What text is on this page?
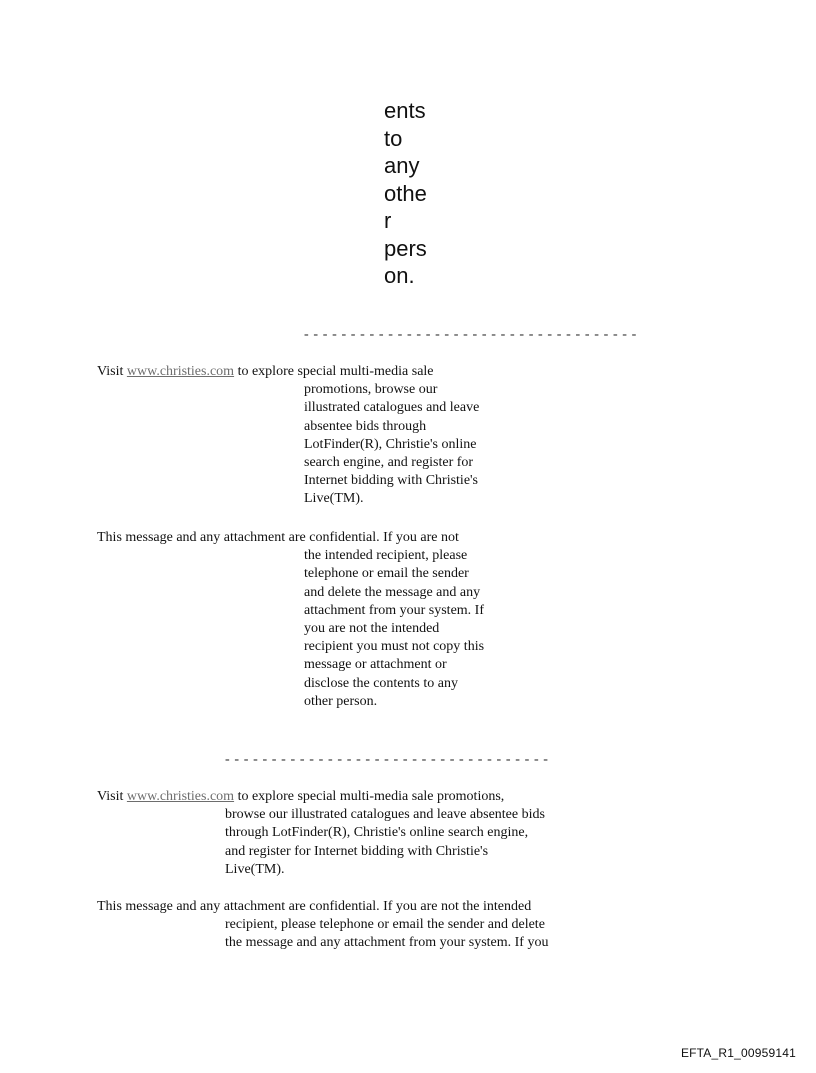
ents
to
any
othe
r
pers
on.
- - - - - - - - - - - - - - - - - - - - - - - - - - - - - - - - - - - -
Visit www.christies.com to explore special multi-media sale
promotions, browse our
illustrated catalogues and leave
absentee bids through
LotFinder(R), Christie's online
search engine, and register for
Internet bidding with Christie's
Live(TM).
This message and any attachment are confidential. If you are not
the intended recipient, please
telephone or email the sender
and delete the message and any
attachment from your system. If
you are not the intended
recipient you must not copy this
message or attachment or
disclose the contents to any
other person.
- - - - - - - - - - - - - - - - - - - - - - - - - - - - - - - - - - -
Visit www.christies.com to explore special multi-media sale promotions,
browse our illustrated catalogues and leave absentee bids
through LotFinder(R), Christie's online search engine,
and register for Internet bidding with Christie's
Live(TM).
This message and any attachment are confidential. If you are not the intended
recipient, please telephone or email the sender and delete
the message and any attachment from your system. If you
EFTA_R1_00959141
